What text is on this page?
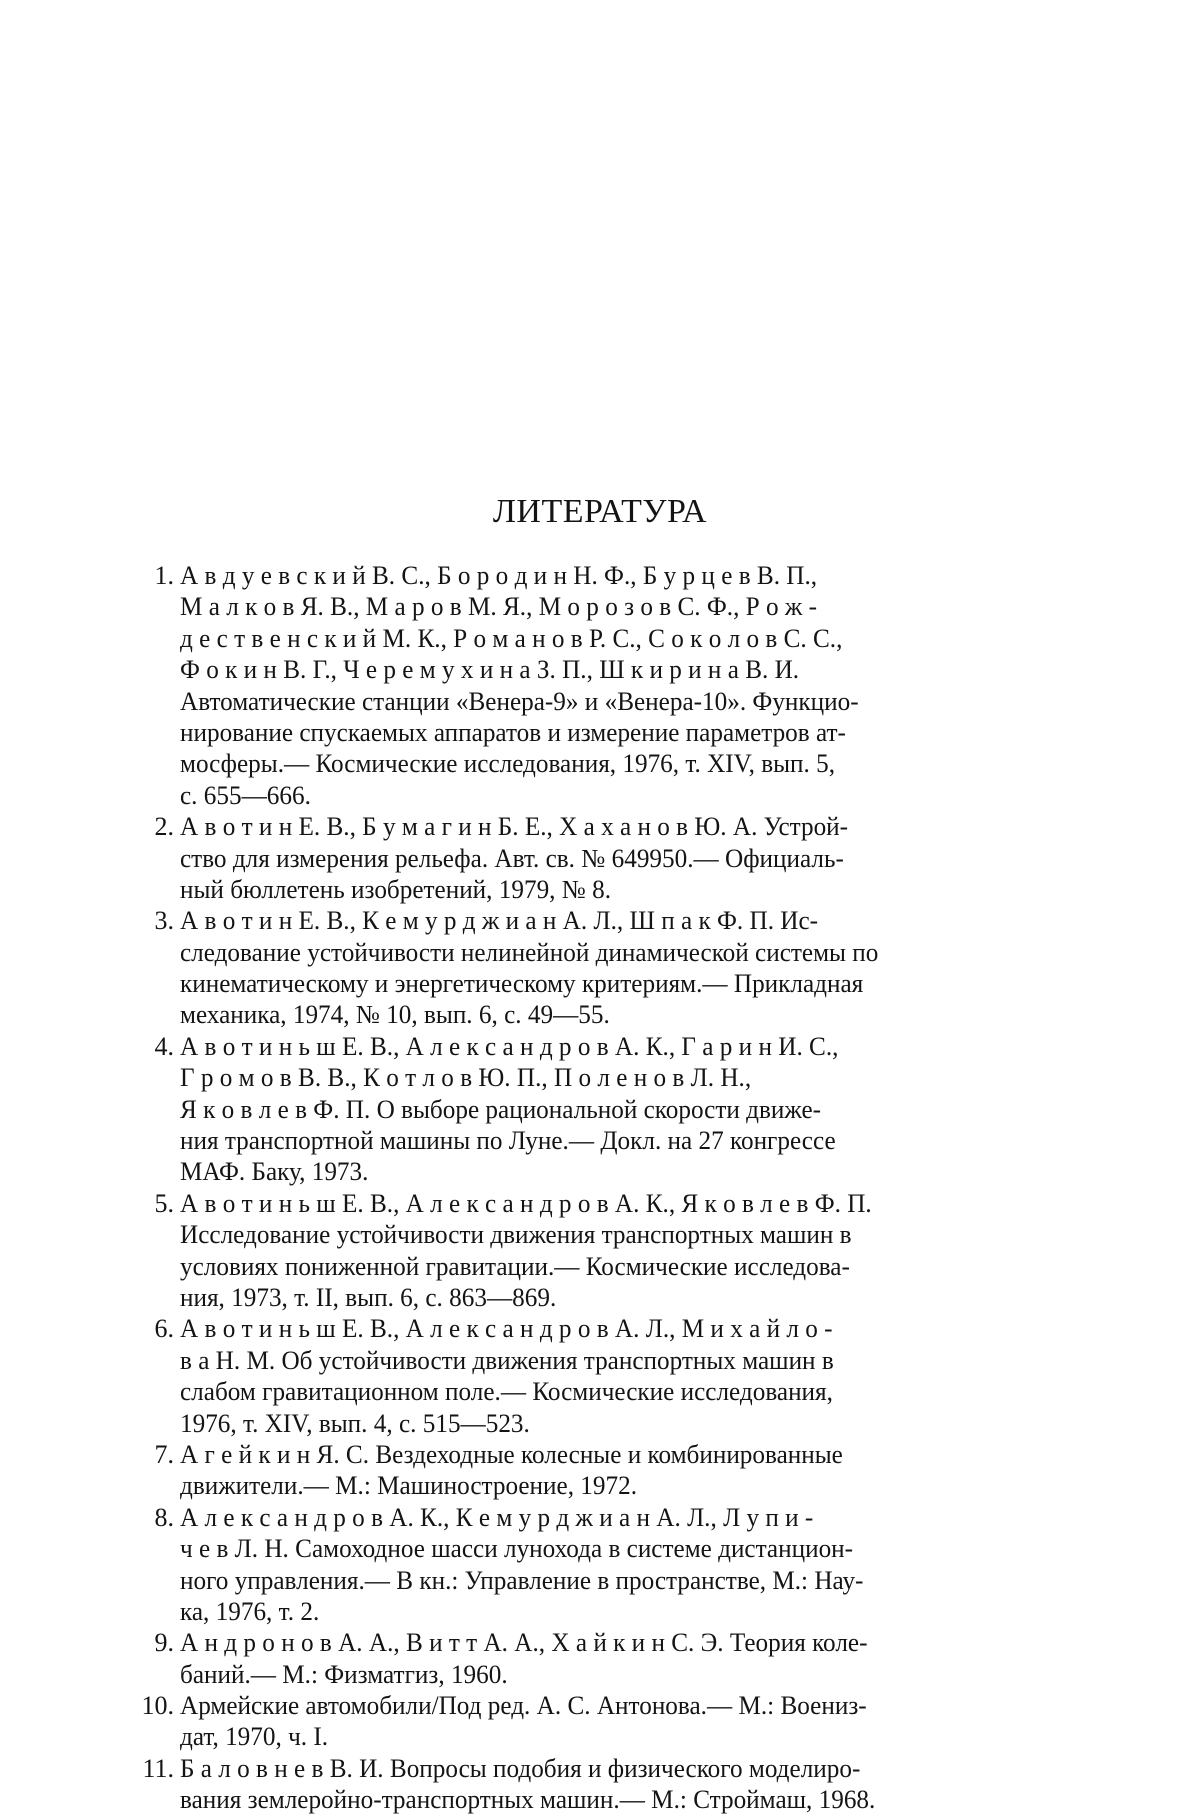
ЛИТЕРАТУРА
1. А в д у е в с к и й В. С., Б о р о д и н Н. Ф., Б у р ц е в В. П.,
М а л к о в Я. В., М а р о в М. Я., М о р о з о в С. Ф., Р о ж -
д е с т в е н с к и й М. К., Р о м а н о в Р. С., С о к о л о в С. С.,
Ф о к и н В. Г., Ч е р е м у х и н а З. П., Ш к и р и н а В. И.
Автоматические станции «Венера-9» и «Венера-10». Функцио-
нирование спускаемых аппаратов и измерение параметров ат-
мосферы.— Космические исследования, 1976, т. XIV, вып. 5,
с. 655—666.
2. А в о т и н Е. В., Б у м а г и н Б. Е., Х а х а н о в Ю. А. Устрой-
ство для измерения рельефа. Авт. св. № 649950.— Официаль-
ный бюллетень изобретений, 1979, № 8.
3. А в о т и н Е. В., К е м у р д ж и а н А. Л., Ш п а к Ф. П. Ис-
следование устойчивости нелинейной динамической системы по
кинематическому и энергетическому критериям.— Прикладная
механика, 1974, № 10, вып. 6, с. 49—55.
4. А в о т и н ь ш Е. В., А л е к с а н д р о в А. К., Г а р и н И. С.,
Г р о м о в В. В., К о т л о в Ю. П., П о л е н о в Л. Н.,
Я к о в л е в Ф. П. О выборе рациональной скорости движе-
ния транспортной машины по Луне.— Докл. на 27 конгрессе
МАФ. Баку, 1973.
5. А в о т и н ь ш Е. В., А л е к с а н д р о в А. К., Я к о в л е в Ф. П.
Исследование устойчивости движения транспортных машин в
условиях пониженной гравитации.— Космические исследова-
ния, 1973, т. II, вып. 6, с. 863—869.
6. А в о т и н ь ш Е. В., А л е к с а н д р о в А. Л., М и х а й л о -
в а Н. М. Об устойчивости движения транспортных машин в
слабом гравитационном поле.— Космические исследования,
1976, т. XIV, вып. 4, с. 515—523.
7. А г е й к и н Я. С. Вездеходные колесные и комбинированные
движители.— М.: Машиностроение, 1972.
8. А л е к с а н д р о в А. К., К е м у р д ж и а н А. Л., Л у п и -
ч е в Л. Н. Самоходное шасси лунохода в системе дистанцион-
ного управления.— В кн.: Управление в пространстве, М.: Нау-
ка, 1976, т. 2.
9. А н д р о н о в А. А., В и т т А. А., Х а й к и н С. Э. Теория коле-
баний.— М.: Физматгиз, 1960.
10. Армейские автомобили/Под ред. А. С. Антонова.— М.: Воениз-
дат, 1970, ч. I.
11. Б а л о в н е в В. И. Вопросы подобия и физического моделиро-
вания землеройно-транспортных машин.— М.: Строймаш, 1968.
